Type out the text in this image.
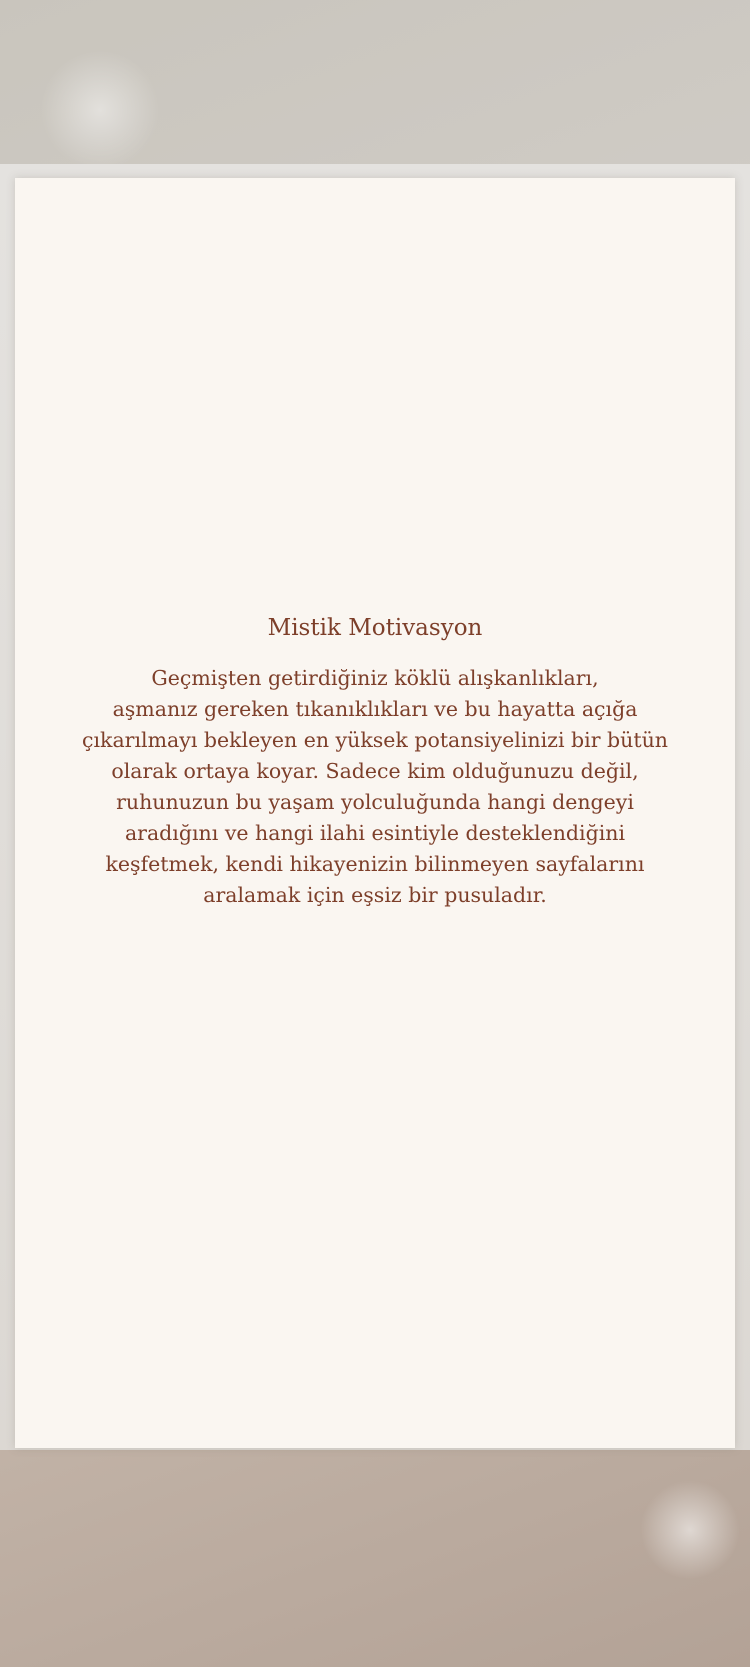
Mistik Motivasyon

Geçmişten getirdiğiniz köklü alışkanlıkları,
aşmanız gereken tıkanıklıkları ve bu hayatta açığa
çıkarılmayı bekleyen en yüksek potansiyelinizi bir bütün
olarak ortaya koyar. Sadece kim olduğunuzu değil,
ruhunuzun bu yaşam yolculuğunda hangi dengeyi
aradığını ve hangi ilahi esintiyle desteklendiğini
keşfetmek, kendi hikayenizin bilinmeyen sayfalarını
aralamak için eşsiz bir pusuladır.
